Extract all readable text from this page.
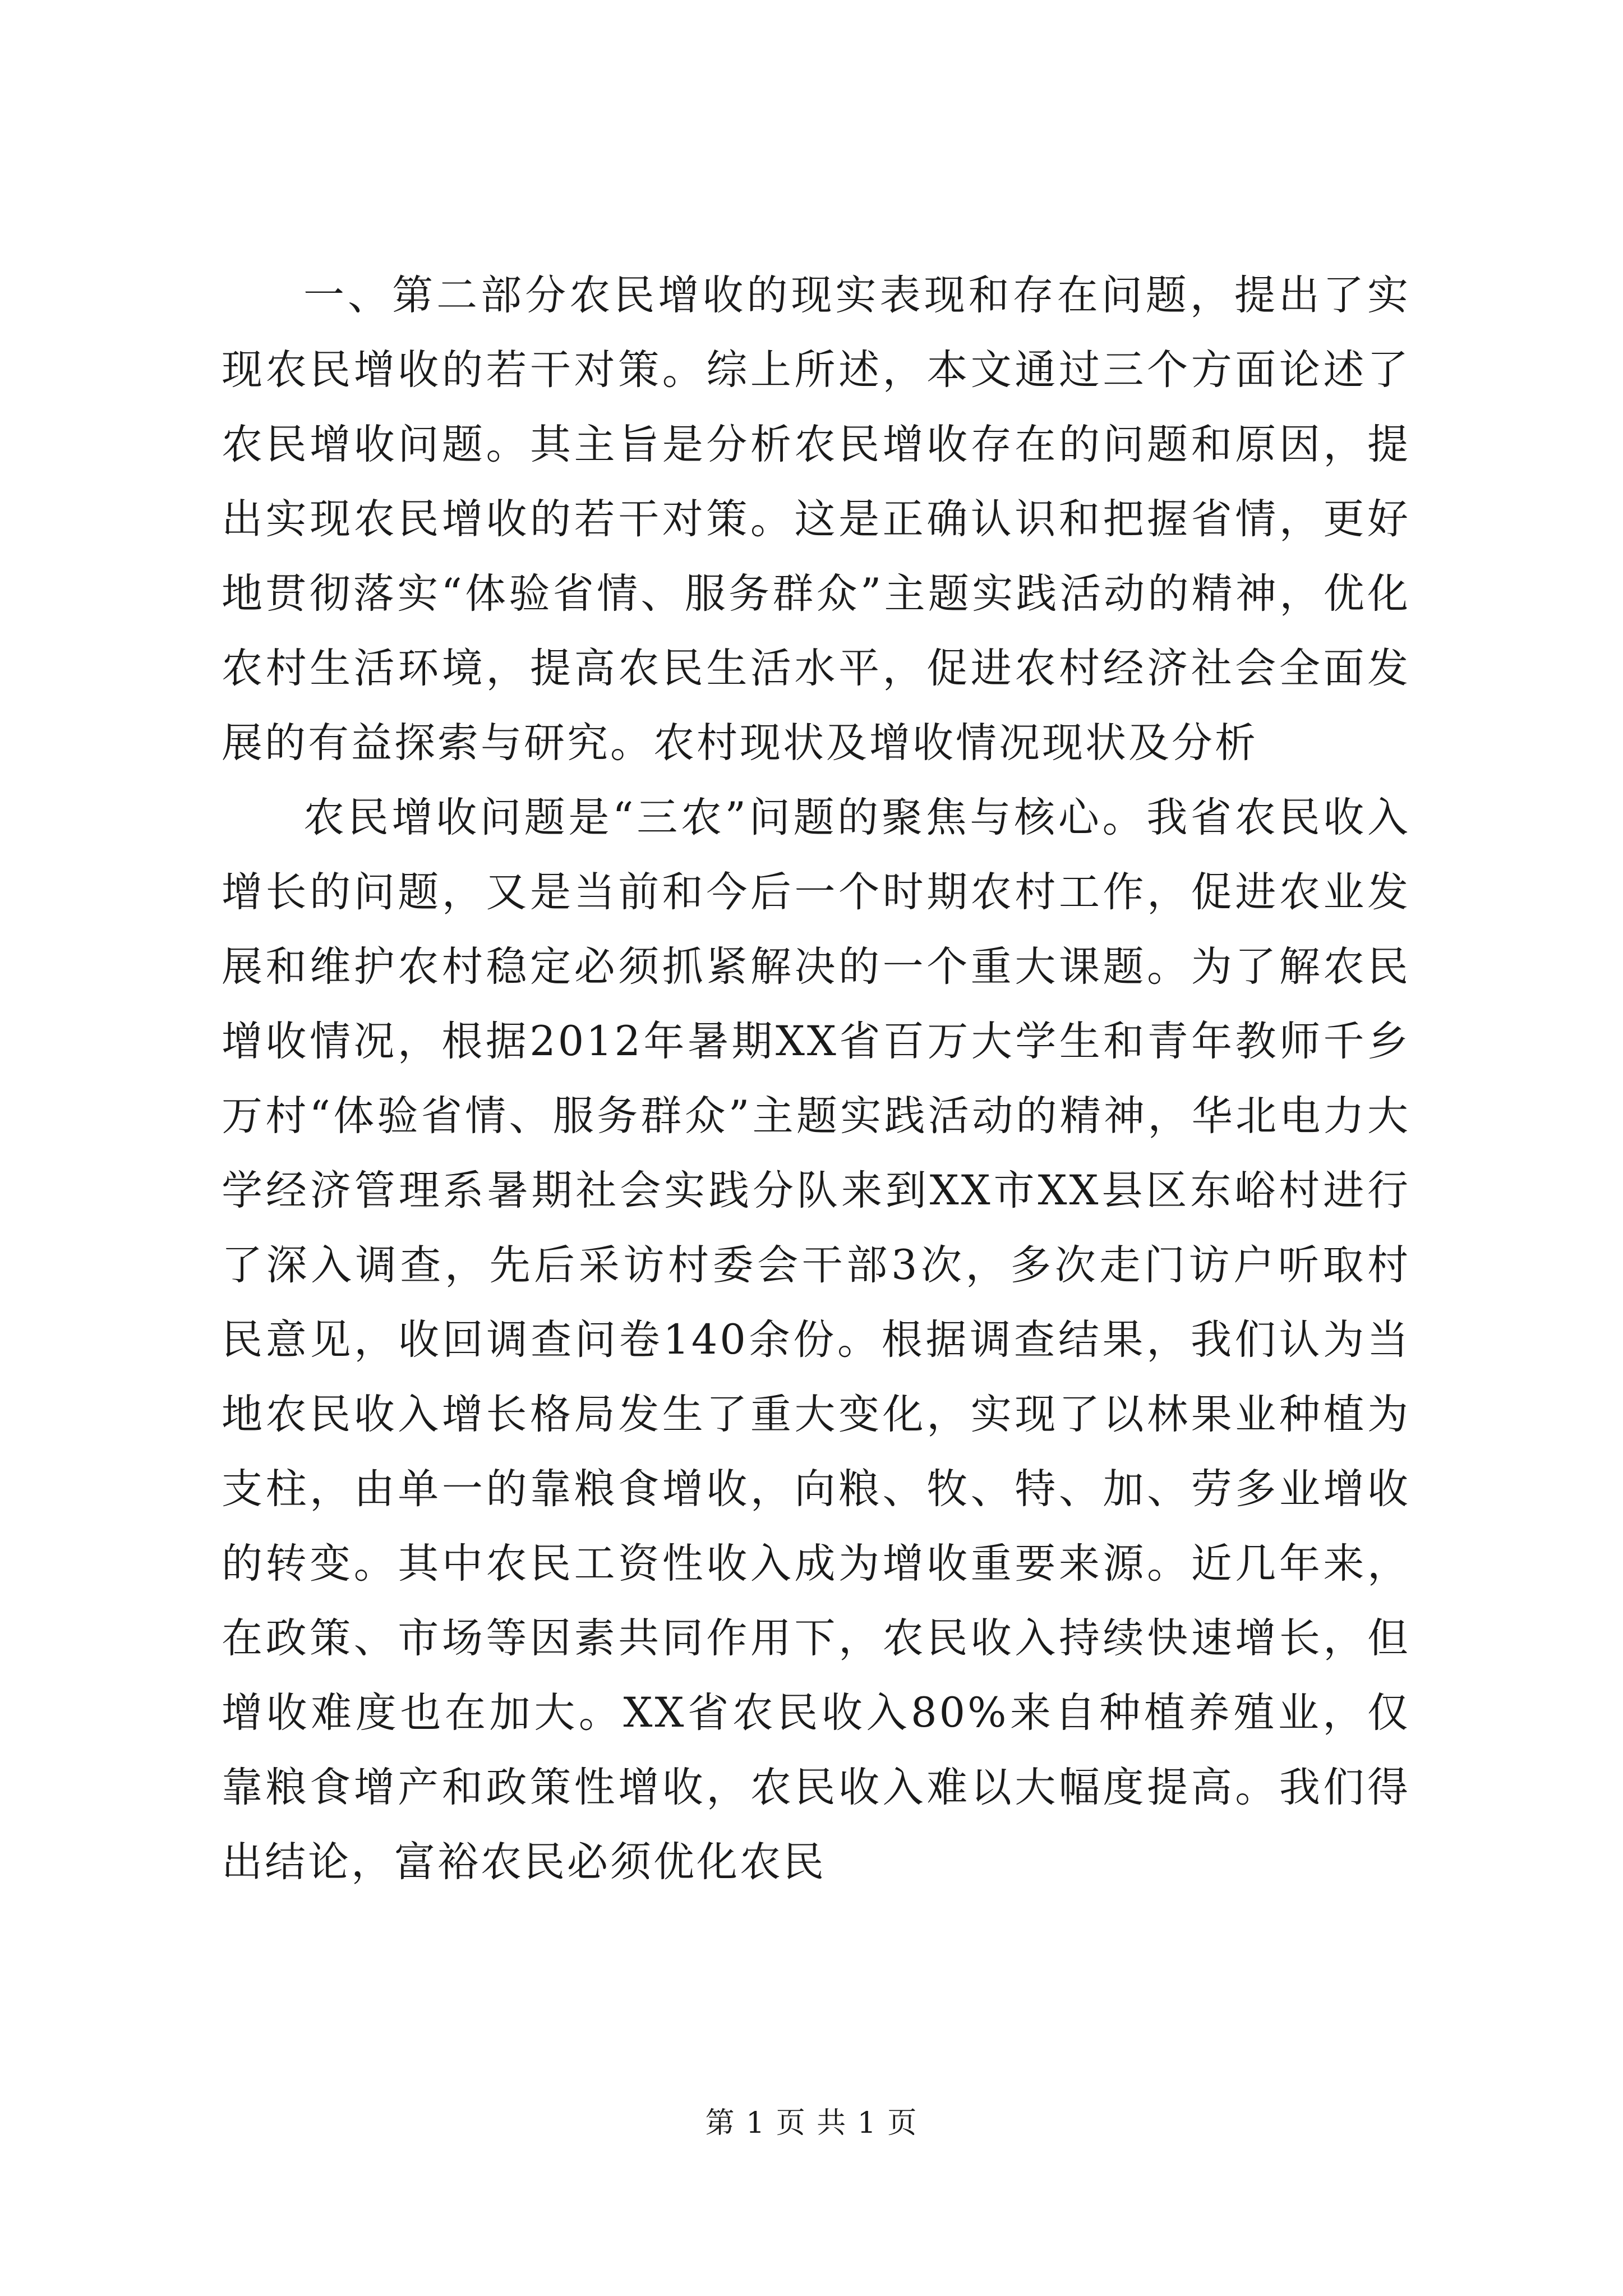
一、第二部分农民增收的现实表现和存在问题，提出了实现农民增收的若干对策。综上所述，本文通过三个方面论述了农民增收问题。其主旨是分析农民增收存在的问题和原因，提出实现农民增收的若干对策。这是正确认识和把握省情，更好地贯彻落实“体验省情、服务群众”主题实践活动的精神，优化农村生活环境，提高农民生活水平，促进农村经济社会全面发展的有益探索与研究。农村现状及增收情况现状及分析

农民增收问题是“三农”问题的聚焦与核心。我省农民收入增长的问题，又是当前和今后一个时期农村工作，促进农业发展和维护农村稳定必须抓紧解决的一个重大课题。为了解农民增收情况，根据2012年暑期XX省百万大学生和青年教师千乡万村“体验省情、服务群众”主题实践活动的精神，华北电力大学经济管理系暑期社会实践分队来到XX市XX县区东峪村进行了深入调查，先后采访村委会干部3次，多次走门访户听取村民意见，收回调查问卷140余份。根据调查结果，我们认为当地农民收入增长格局发生了重大变化，实现了以林果业种植为支柱，由单一的靠粮食增收，向粮、牧、特、加、劳多业增收的转变。其中农民工资性收入成为增收重要来源。近几年来，在政策、市场等因素共同作用下，农民收入持续快速增长，但增收难度也在加大。XX省农民收入80%来自种植养殖业，仅靠粮食增产和政策性增收，农民收入难以大幅度提高。我们得出结论，富裕农民必须优化农民

第 1 页 共 1 页
